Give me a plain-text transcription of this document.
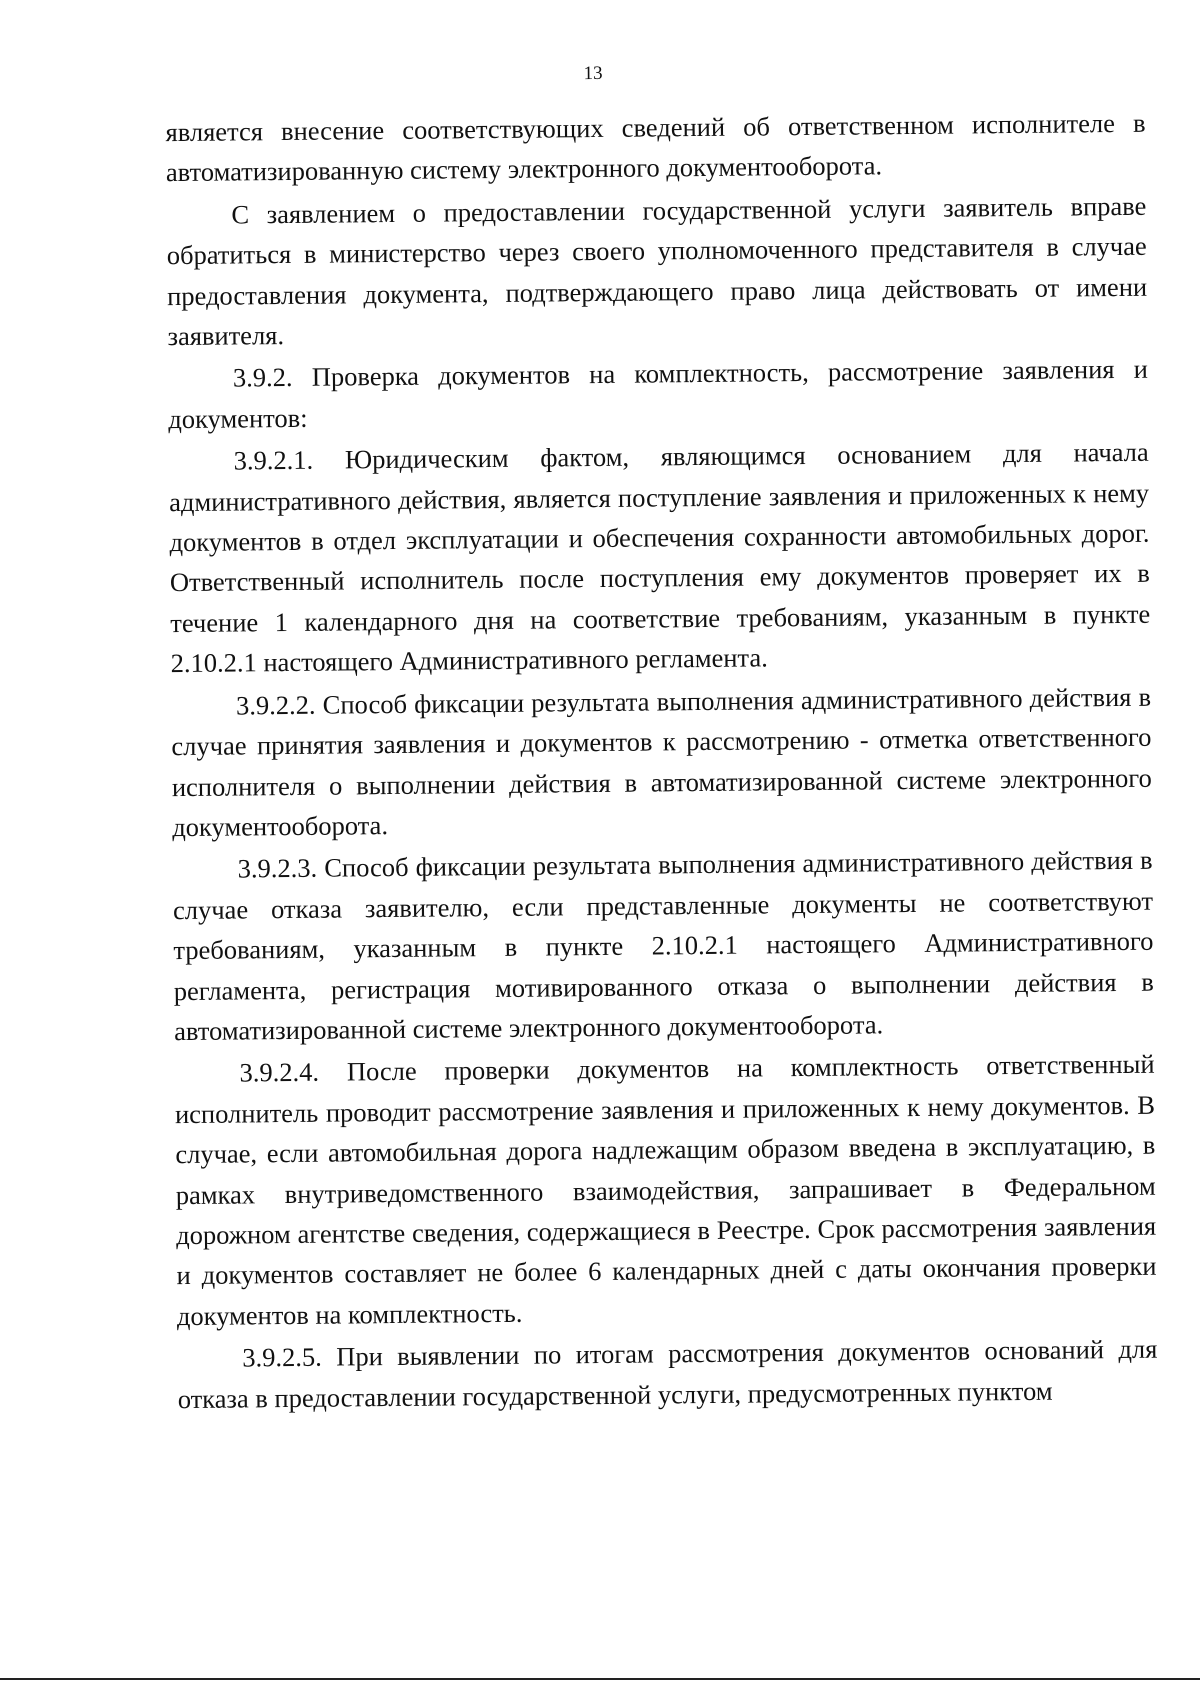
13

является внесение соответствующих сведений об ответственном исполнителе в автоматизированную систему электронного документооборота.

С заявлением о предоставлении государственной услуги заявитель вправе обратиться в министерство через своего уполномоченного представителя в случае предоставления документа, подтверждающего право лица действовать от имени заявителя.

3.9.2. Проверка документов на комплектность, рассмотрение заявления и документов:

3.9.2.1. Юридическим фактом, являющимся основанием для начала административного действия, является поступление заявления и приложенных к нему документов в отдел эксплуатации и обеспечения сохранности автомобильных дорог. Ответственный исполнитель после поступления ему документов проверяет их в течение 1 календарного дня на соответствие требованиям, указанным в пункте 2.10.2.1 настоящего Административного регламента.

3.9.2.2. Способ фиксации результата выполнения административного действия в случае принятия заявления и документов к рассмотрению - отметка ответственного исполнителя о выполнении действия в автоматизированной системе электронного документооборота.

3.9.2.3. Способ фиксации результата выполнения административного действия в случае отказа заявителю, если представленные документы не соответствуют требованиям, указанным в пункте 2.10.2.1 настоящего Административного регламента, регистрация мотивированного отказа о выполнении действия в автоматизированной системе электронного документооборота.

3.9.2.4. После проверки документов на комплектность ответственный исполнитель проводит рассмотрение заявления и приложенных к нему документов. В случае, если автомобильная дорога надлежащим образом введена в эксплуатацию, в рамках внутриведомственного взаимодействия, запрашивает в Федеральном дорожном агентстве сведения, содержащиеся в Реестре. Срок рассмотрения заявления и документов составляет не более 6 календарных дней с даты окончания проверки документов на комплектность.

3.9.2.5. При выявлении по итогам рассмотрения документов оснований для отказа в предоставлении государственной услуги, предусмотренных пунктом
